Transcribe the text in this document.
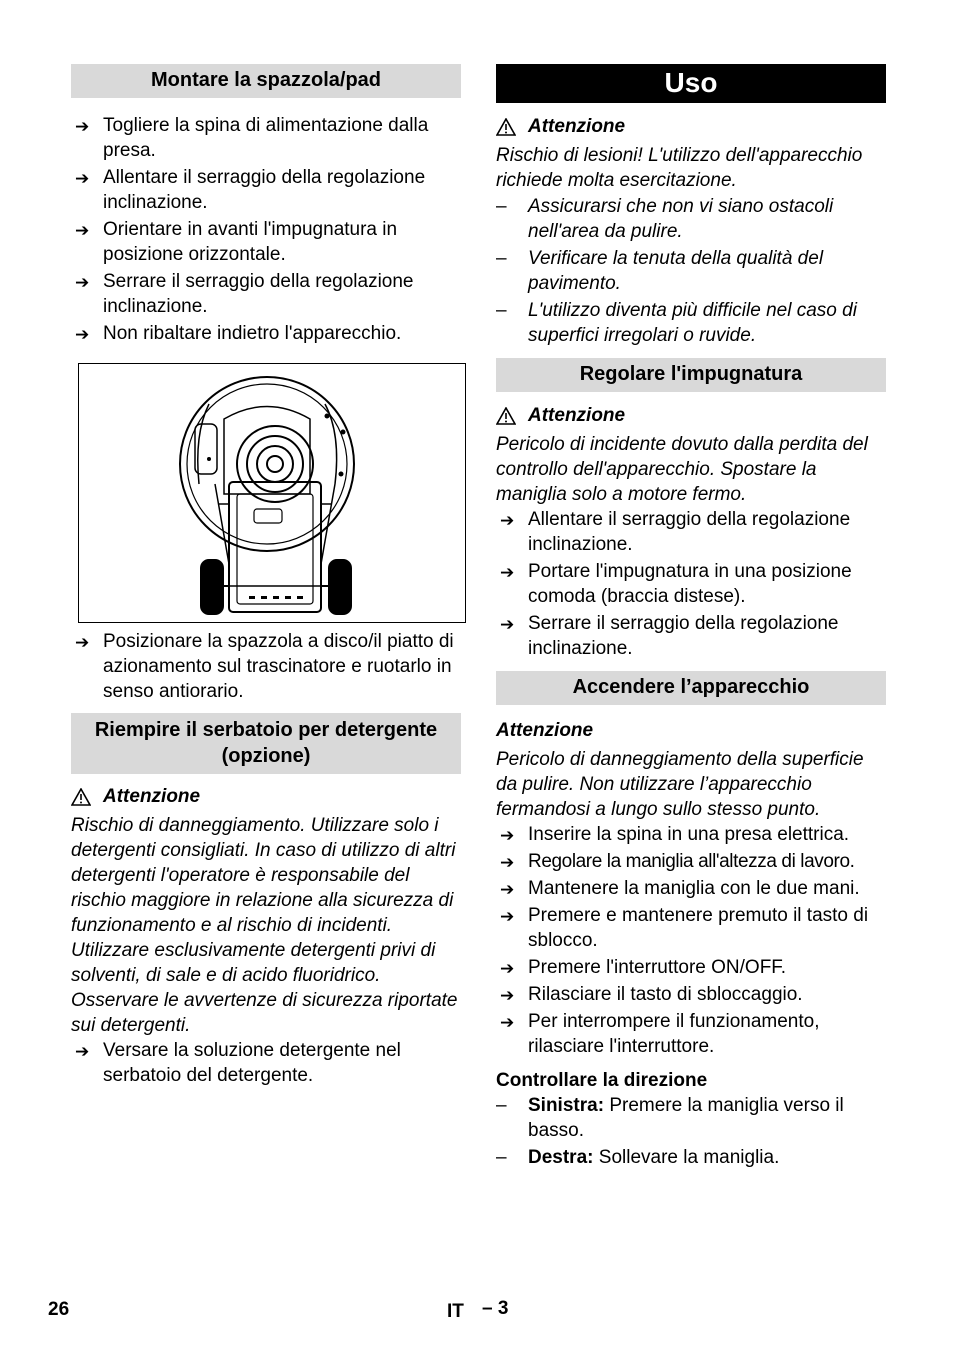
Montare la spazzola/pad
➔ Togliere la spina di alimentazione dalla presa.
➔ Allentare il serraggio della regolazione inclinazione.
➔ Orientare in avanti l'impugnatura in posizione orizzontale.
➔ Serrare il serraggio della regolazione inclinazione.
➔ Non ribaltare indietro l'apparecchio.
➔ Posizionare la spazzola a disco/il piatto di azionamento sul trascinatore e ruotarlo in senso antiorario.
Riempire il serbatoio per detergente
(opzione)
Attenzione
Rischio di danneggiamento. Utilizzare solo i detergenti consigliati. In caso di utilizzo di altri detergenti l'operatore è responsabile del rischio maggiore in relazione alla sicurezza di funzionamento e al rischio di incidenti. Utilizzare esclusivamente detergenti privi di solventi, di sale e di acido fluoridrico. Osservare le avvertenze di sicurezza riportate sui detergenti.
➔ Versare la soluzione detergente nel serbatoio del detergente.
Uso
Attenzione
Rischio di lesioni! L'utilizzo dell'apparecchio richiede molta esercitazione.
– Assicurarsi che non vi siano ostacoli nell'area da pulire.
– Verificare la tenuta della qualità del pavimento.
– L'utilizzo diventa più difficile nel caso di superfici irregolari o ruvide.
Regolare l'impugnatura
Attenzione
Pericolo di incidente dovuto dalla perdita del controllo dell'apparecchio. Spostare la maniglia solo a motore fermo.
➔ Allentare il serraggio della regolazione inclinazione.
➔ Portare l'impugnatura in una posizione comoda (braccia distese).
➔ Serrare il serraggio della regolazione inclinazione.
Accendere l’apparecchio
Attenzione
Pericolo di danneggiamento della superficie da pulire. Non utilizzare l’apparecchio fermandosi a lungo sullo stesso punto.
➔ Inserire la spina in una presa elettrica.
➔ Regolare la maniglia all'altezza di lavoro.
➔ Mantenere la maniglia con le due mani.
➔ Premere e mantenere premuto il tasto di sblocco.
➔ Premere l'interruttore ON/OFF.
➔ Rilasciare il tasto di sbloccaggio.
➔ Per interrompere il funzionamento, rilasciare l'interruttore.
Controllare la direzione
– Sinistra: Premere la maniglia verso il basso.
– Destra: Sollevare la maniglia.
26	IT – 3
